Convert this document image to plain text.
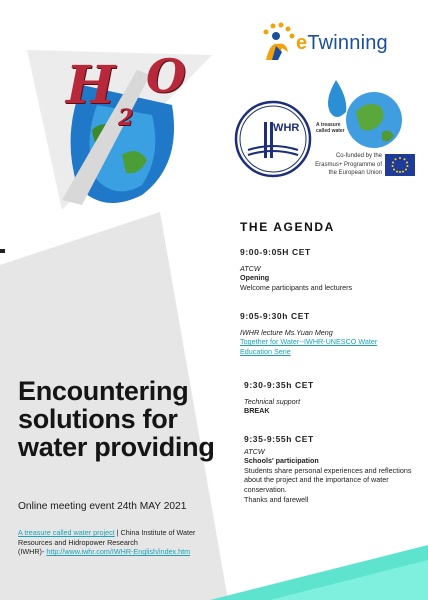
H
2
O
eTwinning
IWHR	A treasure called water
Co-funded by the Erasmus+ Programme of the European Union
THE AGENDA
9:00-9:05H CET
ATCW
Opening
Welcome participants and lecturers
9:05-9:30h CET
IWHR lecture Ms.Yuan Meng
Together for Water--IWHR-UNESCO Water Education Serie
9:30-9:35h CET
Technical support
BREAK
9:35-9:55h CET
ATCW
Schools' participation
Students share personal experiences and reflections about the project and the importance of water conservation.
Thanks and farewell
Encountering solutions for water providing
Online meeting event 24th MAY 2021
A treasure called water project | China Institute of Water Resources and Hidropower Research
(IWHR)- http://www.iwhr.com/IWHR-English/index.htm
